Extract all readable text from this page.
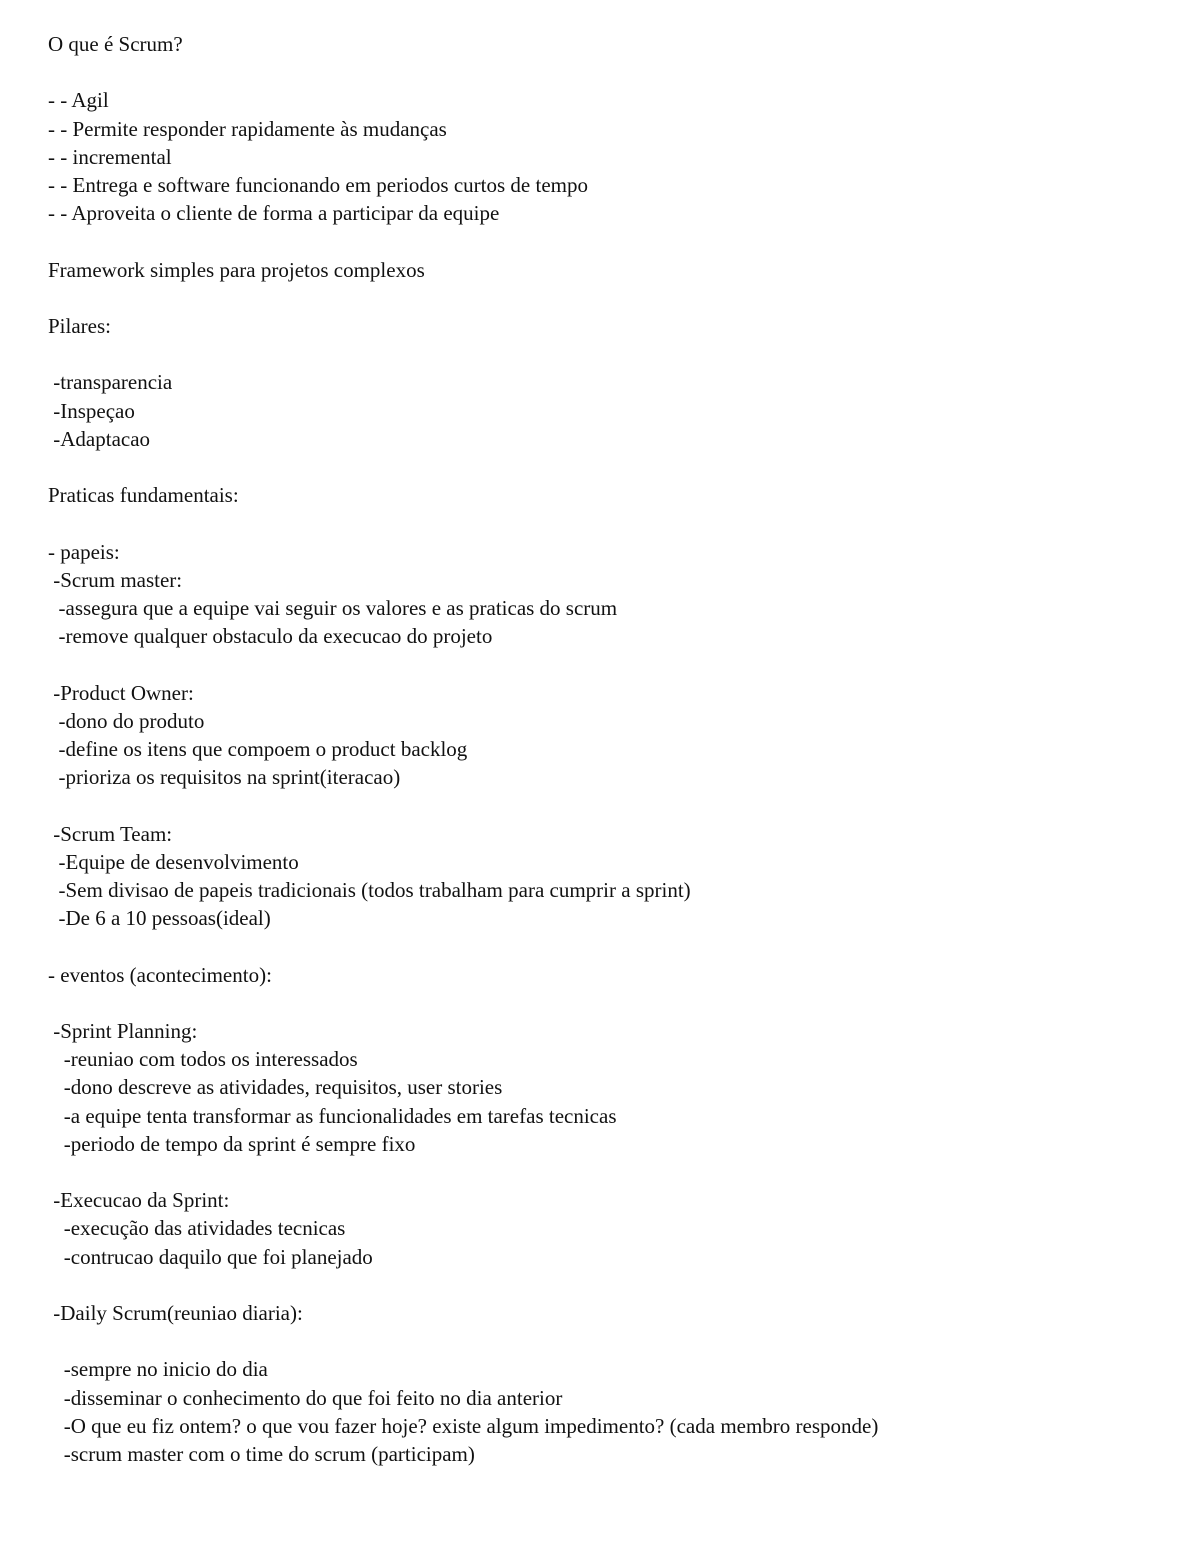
O que é Scrum?
- - Agil
- - Permite responder rapidamente às mudanças
- - incremental
- - Entrega e software funcionando em periodos curtos de tempo
- - Aproveita o cliente de forma a participar da equipe
Framework simples para projetos complexos
Pilares:
-transparencia
-Inspeçao
-Adaptacao
Praticas fundamentais:
- papeis:
-Scrum master:
-assegura que a equipe vai seguir os valores e as praticas do scrum
-remove qualquer obstaculo da execucao do projeto
-Product Owner:
-dono do produto
-define os itens que compoem o product backlog
-prioriza os requisitos na sprint(iteracao)
-Scrum Team:
-Equipe de desenvolvimento
-Sem divisao de papeis tradicionais (todos trabalham para cumprir a sprint)
-De 6 a 10 pessoas(ideal)
- eventos (acontecimento):
-Sprint Planning:
-reuniao com todos os interessados
-dono descreve as atividades, requisitos, user stories
-a equipe tenta transformar as funcionalidades em tarefas tecnicas
-periodo de tempo da sprint é sempre fixo
-Execucao da Sprint:
-execução das atividades tecnicas
-contrucao daquilo que foi planejado
-Daily Scrum(reuniao diaria):
-sempre no inicio do dia
-disseminar o conhecimento do que foi feito no dia anterior
-O que eu fiz ontem? o que vou fazer hoje? existe algum impedimento? (cada membro responde)
-scrum master com o time do scrum (participam)
